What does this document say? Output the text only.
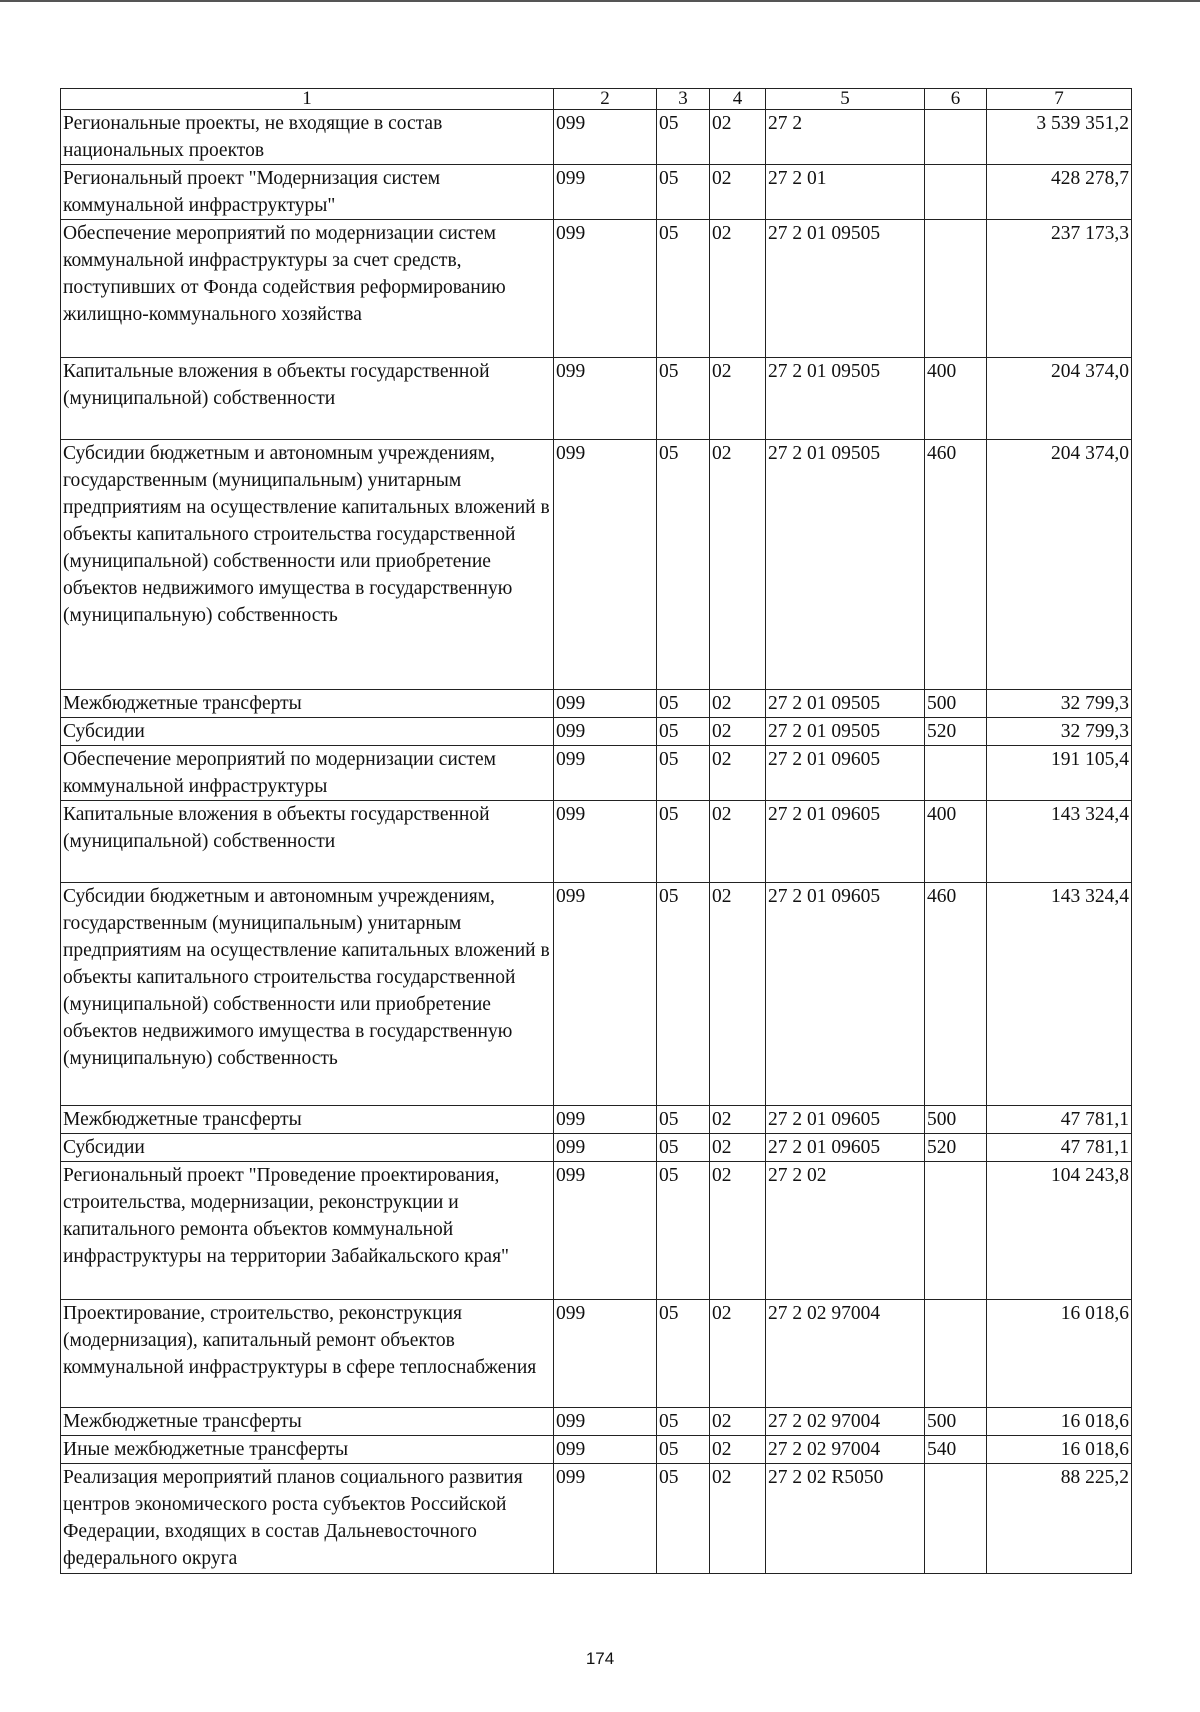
1	2	3	4	5	6	7
Региональные проекты, не входящие в состав национальных проектов	099	05	02	27 2		3 539 351,2
Региональный проект "Модернизация систем коммунальной инфраструктуры"	099	05	02	27 2 01		428 278,7
Обеспечение мероприятий по модернизации систем коммунальной инфраструктуры за счет средств, поступивших от Фонда содействия реформированию жилищно-коммунального хозяйства	099	05	02	27 2 01 09505		237 173,3
Капитальные вложения в объекты государственной (муниципальной) собственности	099	05	02	27 2 01 09505	400	204 374,0
Субсидии бюджетным и автономным учреждениям, государственным (муниципальным) унитарным предприятиям на осуществление капитальных вложений в объекты капитального строительства государственной (муниципальной) собственности или приобретение объектов недвижимого имущества в государственную (муниципальную) собственность	099	05	02	27 2 01 09505	460	204 374,0
Межбюджетные трансферты	099	05	02	27 2 01 09505	500	32 799,3
Субсидии	099	05	02	27 2 01 09505	520	32 799,3
Обеспечение мероприятий по модернизации систем коммунальной инфраструктуры	099	05	02	27 2 01 09605		191 105,4
Капитальные вложения в объекты государственной (муниципальной) собственности	099	05	02	27 2 01 09605	400	143 324,4
Субсидии бюджетным и автономным учреждениям, государственным (муниципальным) унитарным предприятиям на осуществление капитальных вложений в объекты капитального строительства государственной (муниципальной) собственности или приобретение объектов недвижимого имущества в государственную (муниципальную) собственность	099	05	02	27 2 01 09605	460	143 324,4
Межбюджетные трансферты	099	05	02	27 2 01 09605	500	47 781,1
Субсидии	099	05	02	27 2 01 09605	520	47 781,1
Региональный проект "Проведение проектирования, строительства, модернизации, реконструкции и капитального ремонта объектов коммунальной инфраструктуры на территории Забайкальского края"	099	05	02	27 2 02		104 243,8
Проектирование, строительство, реконструкция (модернизация), капитальный ремонт объектов коммунальной инфраструктуры в сфере теплоснабжения	099	05	02	27 2 02 97004		16 018,6
Межбюджетные трансферты	099	05	02	27 2 02 97004	500	16 018,6
Иные межбюджетные трансферты	099	05	02	27 2 02 97004	540	16 018,6
Реализация мероприятий планов социального развития центров экономического роста субъектов Российской Федерации, входящих в состав Дальневосточного федерального округа	099	05	02	27 2 02 R5050		88 225,2
174
